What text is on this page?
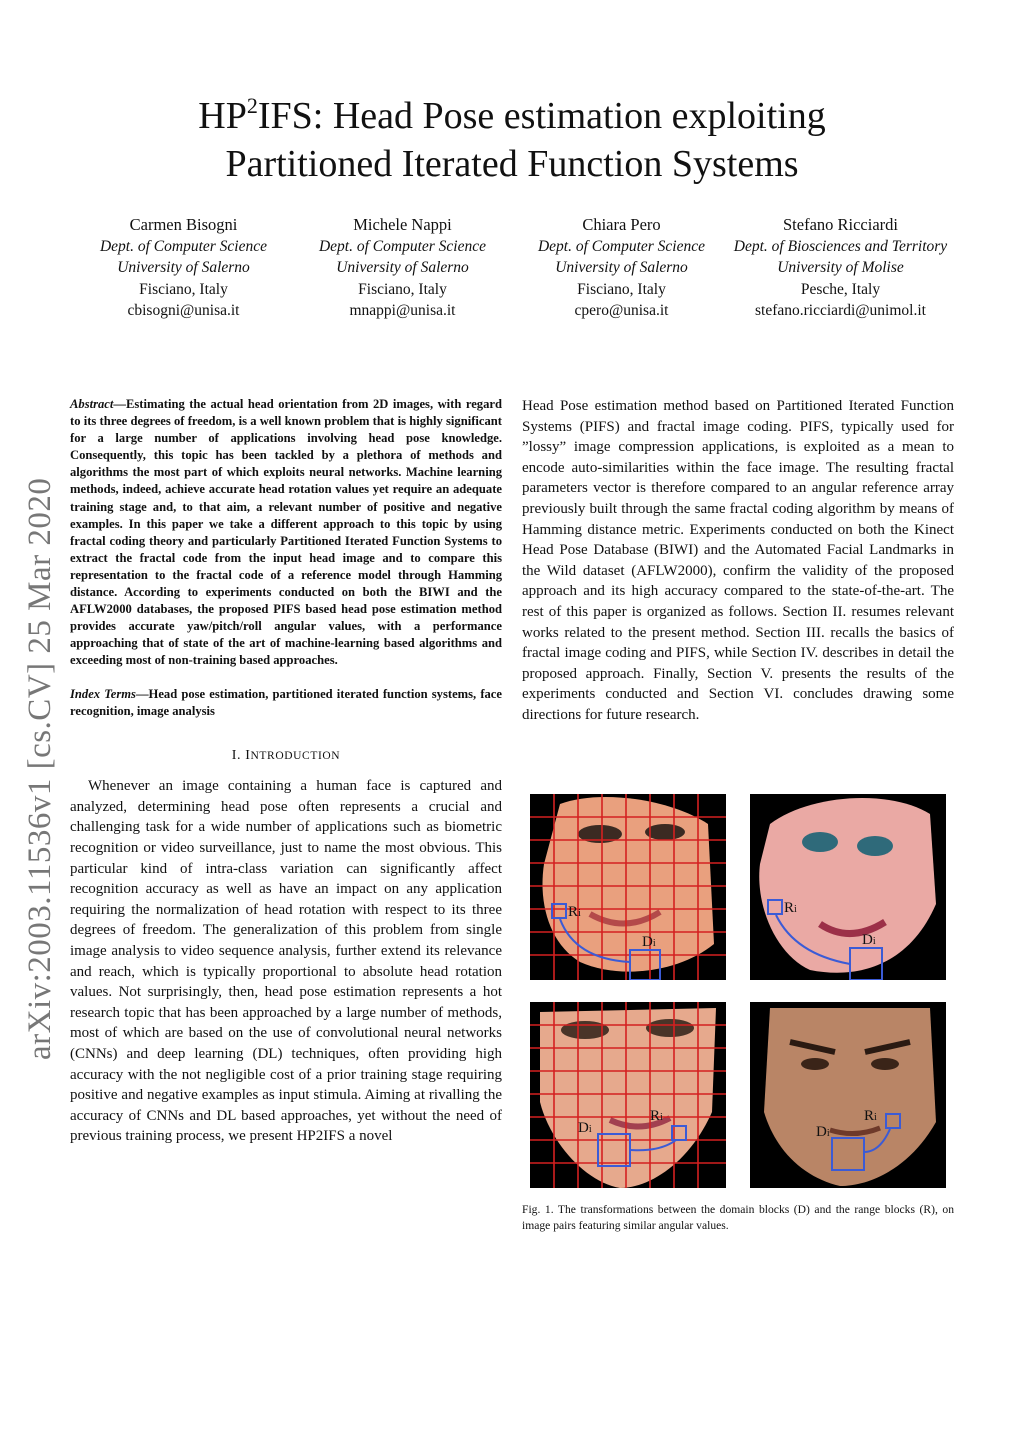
arXiv:2003.11536v1 [cs.CV] 25 Mar 2020
$HP^2IFS$: Head Pose estimation exploiting
Partitioned Iterated Function Systems
Carmen Bisogni
Dept. of Computer Science
University of Salerno
Fisciano, Italy
cbisogni@unisa.it
Michele Nappi
Dept. of Computer Science
University of Salerno
Fisciano, Italy
mnappi@unisa.it
Chiara Pero
Dept. of Computer Science
University of Salerno
Fisciano, Italy
cpero@unisa.it
Stefano Ricciardi
Dept. of Biosciences and Territory
University of Molise
Pesche, Italy
stefano.ricciardi@unimol.it

Abstract—Estimating the actual head orientation from 2D images, with regard to its three degrees of freedom, is a well known problem that is highly significant for a large number of applications involving head pose knowledge. Consequently, this topic has been tackled by a plethora of methods and algorithms the most part of which exploits neural networks. Machine learning methods, indeed, achieve accurate head rotation values yet require an adequate training stage and, to that aim, a relevant number of positive and negative examples. In this paper we take a different approach to this topic by using fractal coding theory and particularly Partitioned Iterated Function Systems to extract the fractal code from the input head image and to compare this representation to the fractal code of a reference model through Hamming distance. According to experiments conducted on both the BIWI and the AFLW2000 databases, the proposed PIFS based head pose estimation method provides accurate yaw/pitch/roll angular values, with a performance approaching that of state of the art of machine-learning based algorithms and exceeding most of non-training based approaches.

Index Terms—Head pose estimation, partitioned iterated function systems, face recognition, image analysis

I. INTRODUCTION

Whenever an image containing a human face is captured and analyzed, determining head pose often represents a crucial and challenging task for a wide number of applications such as biometric recognition or video surveillance, just to name the most obvious. This particular kind of intra-class variation can significantly affect recognition accuracy as well as have an impact on any application requiring the normalization of head rotation with respect to its three degrees of freedom. The generalization of this problem from single image analysis to video sequence analysis, further extend its relevance and reach, which is typically proportional to absolute head rotation values. Not surprisingly, then, head pose estimation represents a hot research topic that has been approached by a large number of methods, most of which are based on the use of convolutional neural networks (CNNs) and deep learning (DL) techniques, often providing high accuracy with the not negligible cost of a prior training stage requiring positive and negative examples as input stimula. Aiming at rivalling the accuracy of CNNs and DL based approaches, yet without the need of previous training process, we present HP2IFS a novel

Head Pose estimation method based on Partitioned Iterated Function Systems (PIFS) and fractal image coding. PIFS, typically used for ”lossy” image compression applications, is exploited as a mean to encode auto-similarities within the face image. The resulting fractal parameters vector is therefore compared to an angular reference array previously built through the same fractal coding algorithm by means of Hamming distance metric. Experiments conducted on both the Kinect Head Pose Database (BIWI) and the Automated Facial Landmarks in the Wild dataset (AFLW2000), confirm the validity of the proposed approach and its high accuracy compared to the state-of-the-art. The rest of this paper is organized as follows. Section II. resumes relevant works related to the present method. Section III. recalls the basics of fractal image coding and PIFS, while Section IV. describes in detail the proposed approach. Finally, Section V. presents the results of the experiments conducted and Section VI. concludes drawing some directions for future research.

Ri
Di
Ri
Di
Di
Ri
Di
Ri
Fig. 1. The transformations between the domain blocks (D) and the range blocks (R), on image pairs featuring similar angular values.
